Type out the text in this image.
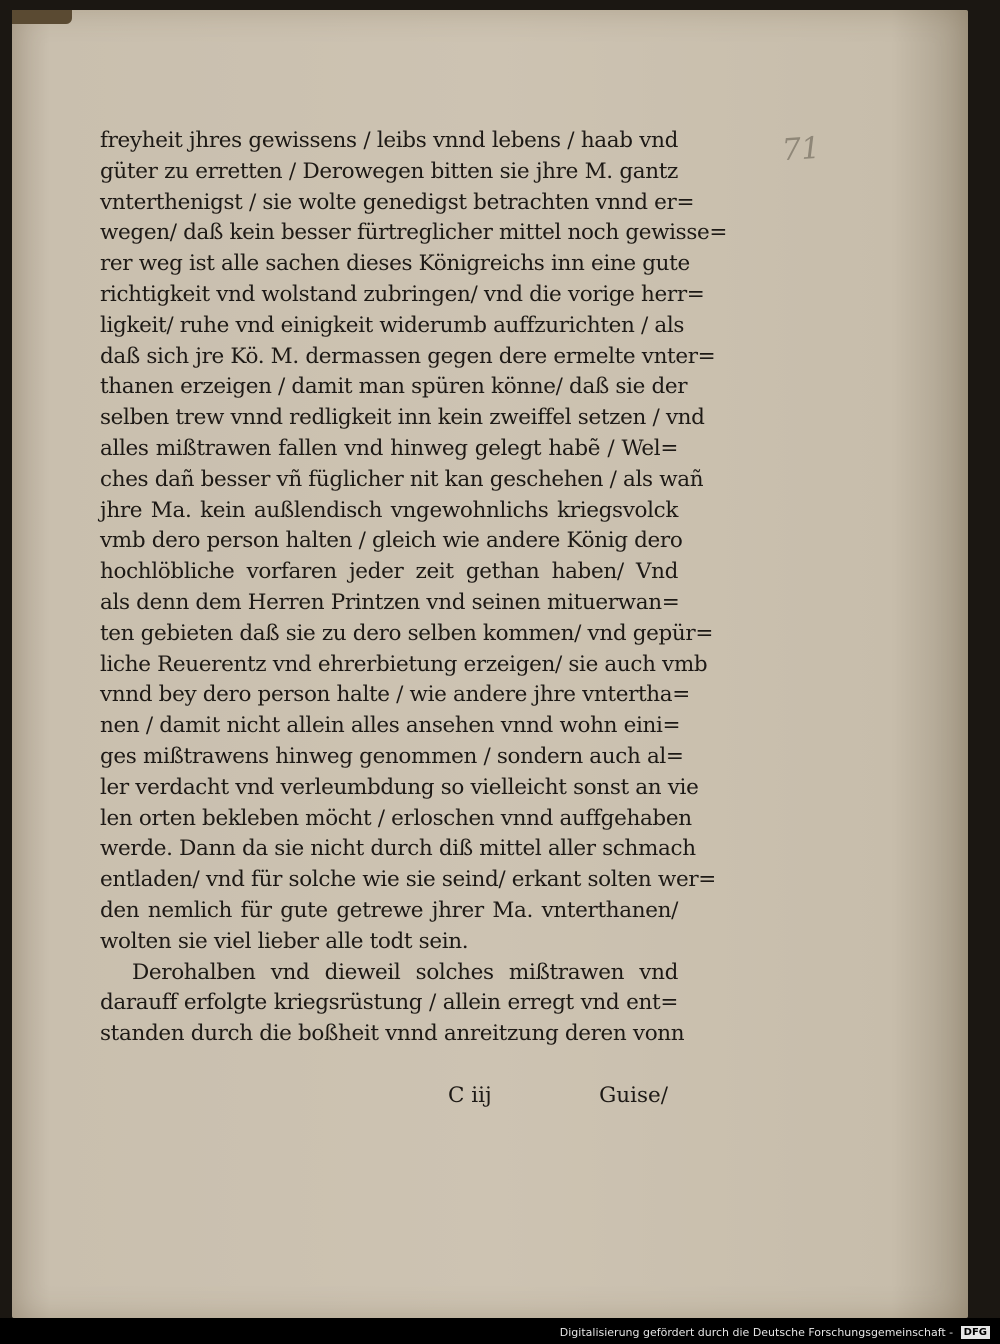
71
freyheit jhres gewissens / leibs vnnd lebens / haab vnd
güter zu erretten / Derowegen bitten sie jhre M. gantz
vnterthenigst / sie wolte genedigst betrachten vnnd er=
wegen/ daß kein besser fürtreglicher mittel noch gewisse=
rer weg ist alle sachen dieses Königreichs inn eine gute
richtigkeit vnd wolstand zubringen/ vnd die vorige herr=
ligkeit/ ruhe vnd einigkeit widerumb auffzurichten / als
daß sich jre Kö. M. dermassen gegen dere ermelte vnter=
thanen erzeigen / damit man spüren könne/ daß sie der
selben trew vnnd redligkeit inn kein zweiffel setzen / vnd
alles mißtrawen fallen vnd hinweg gelegt habẽ / Wel=
ches dañ besser vñ füglicher nit kan geschehen / als wañ
jhre Ma. kein außlendisch vngewohnlichs kriegsvolck
vmb dero person halten / gleich wie andere König dero
hochlöbliche vorfaren jeder zeit gethan haben/ Vnd
als denn dem Herren Printzen vnd seinen mituerwan=
ten gebieten daß sie zu dero selben kommen/ vnd gepür=
liche Reuerentz vnd ehrerbietung erzeigen/ sie auch vmb
vnnd bey dero person halte / wie andere jhre vntertha=
nen / damit nicht allein alles ansehen vnnd wohn eini=
ges mißtrawens hinweg genommen / sondern auch al=
ler verdacht vnd verleumbdung so vielleicht sonst an vie
len orten bekleben möcht / erloschen vnnd auffgehaben
werde. Dann da sie nicht durch diß mittel aller schmach
entladen/ vnd für solche wie sie seind/ erkant solten wer=
den nemlich für gute getrewe jhrer Ma. vnterthanen/
wolten sie viel lieber alle todt sein.
Derohalben vnd dieweil solches mißtrawen vnd
darauff erfolgte kriegsrüstung / allein erregt vnd ent=
standen durch die boßheit vnnd anreitzung deren vonn
C iij	Guise/
Digitalisierung gefördert durch die Deutsche Forschungsgemeinschaft - DFG
